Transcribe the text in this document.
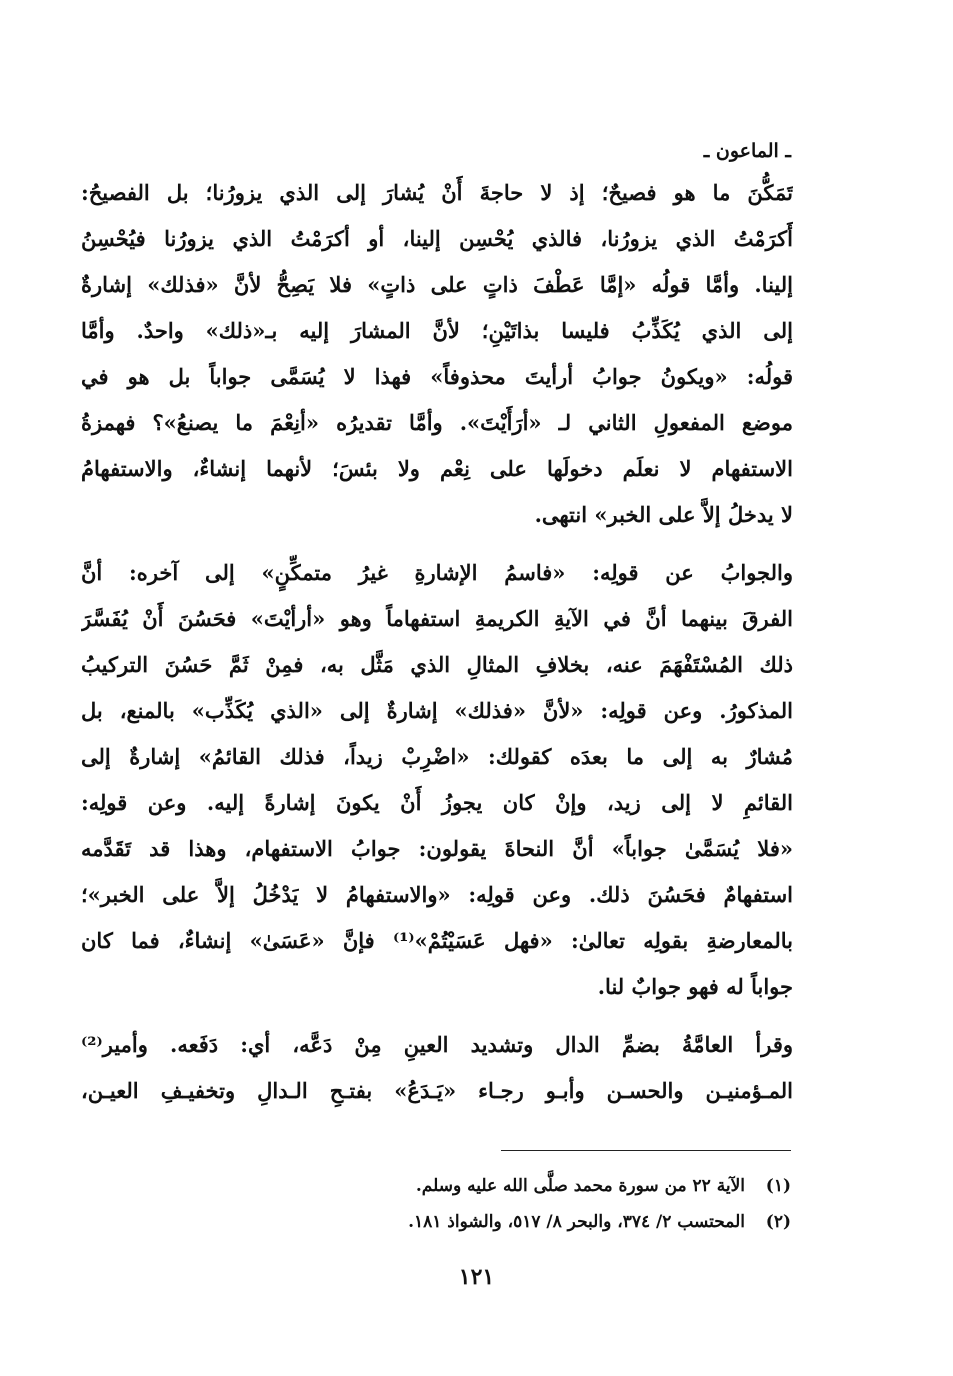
ـ الماعون ـ
تَمَكُّنَ ما هو فصيحٌ؛ إذ لا حاجةَ أَنْ يُشارَ إلى الذي يزورُنا؛ بل الفصيحُ:
أَكرَمْتُ الذي يزورُنا، فالذي يُحْسِن إلينا، أو أكرَمْتُ الذي يزورُنا فيُحْسِنُ
إلينا. وأمَّا قولُه «إمَّا عَطْفَ ذاتٍ على ذاتٍ» فلا يَصِحُّ لأنَّ «فذلك» إشارةٌ
إلى الذي يُكَذِّبُ فليسا بذاتَيْنِ؛ لأنَّ المشارَ إليه بـ«ذلك» واحدٌ. وأمَّا
قولُه: «ويكونُ جوابُ أرأيتَ محذوفاً» فهذا لا يُسَمَّى جواباً بل هو في
موضع المفعولِ الثاني لـ «أرَأَيْتَ». وأمَّا تقديرُه «أنِعْمَ ما يصنعُ»؟ فهمزةُ
الاستفهام لا نعلَم دخولَها على نِعْم ولا بئسَ؛ لأنهما إنشاءٌ، والاستفهامُ
لا يدخلُ إلاَّ على الخبر» انتهى.
والجوابُ عن قولِه: «فاسمُ الإشارةِ غيرُ متمكِّنٍ» إلى آخره: أنَّ
الفرقَ بينهما أنَّ في الآيةِ الكريمةِ استفهاماً وهو «أرأيْتَ» فحَسُنَ أَنْ يُفَسَّرَ
ذلك المُسْتَفْهَمَ عنه، بخلافِ المثالِ الذي مَثَّل به، فمِنْ ثَمَّ حَسُنَ التركيبُ
المذكورُ. وعن قولِه: «لأنَّ «فذلك» إشارةٌ إلى «الذي يُكَذِّب» بالمنع، بل
مُشارٌ به إلى ما بعدَه كقولك: «اضْرِبْ زيداً، فذلك القائمُ» إشارةٌ إلى
القائمِ لا إلى زيد، وإنْ كان يجوزُ أَنْ يكونَ إشارةً إليه. وعن قولِه:
«فلا يُسَمَّىٰ جواباً» أنَّ النحاةَ يقولون: جوابُ الاستفهام، وهذا قد تَقَدَّمه
استفهامٌ فحَسُنَ ذلك. وعن قولِه: «والاستفهامُ لا يَدْخُلُ إلاَّ على الخبر»؛
بالمعارضةِ بقولِه تعالىٰ: «فهل عَسَيْتُمْ»⁽¹⁾ فإنَّ «عَسَىٰ» إنشاءٌ، فما كان
جواباً له فهو جوابٌ لنا.
وقرأ العامَّةُ بضمِّ الدال وتشديد العينِ مِنْ دَعَّه، أي: دَفَعه. وأمير⁽²⁾
المـؤمنيـن والحسـن وأبـو رجـاء «يَـدَعُ» بفتـحِ الـدالِ وتخفيـفِ العيـن،
(١)
الآية ٢٢ من سورة محمد صلَّى الله عليه وسلم.
(٢)
المحتسب ٢/ ٣٧٤، والبحر ٨/ ٥١٧، والشواذ ١٨١.
١٢١
